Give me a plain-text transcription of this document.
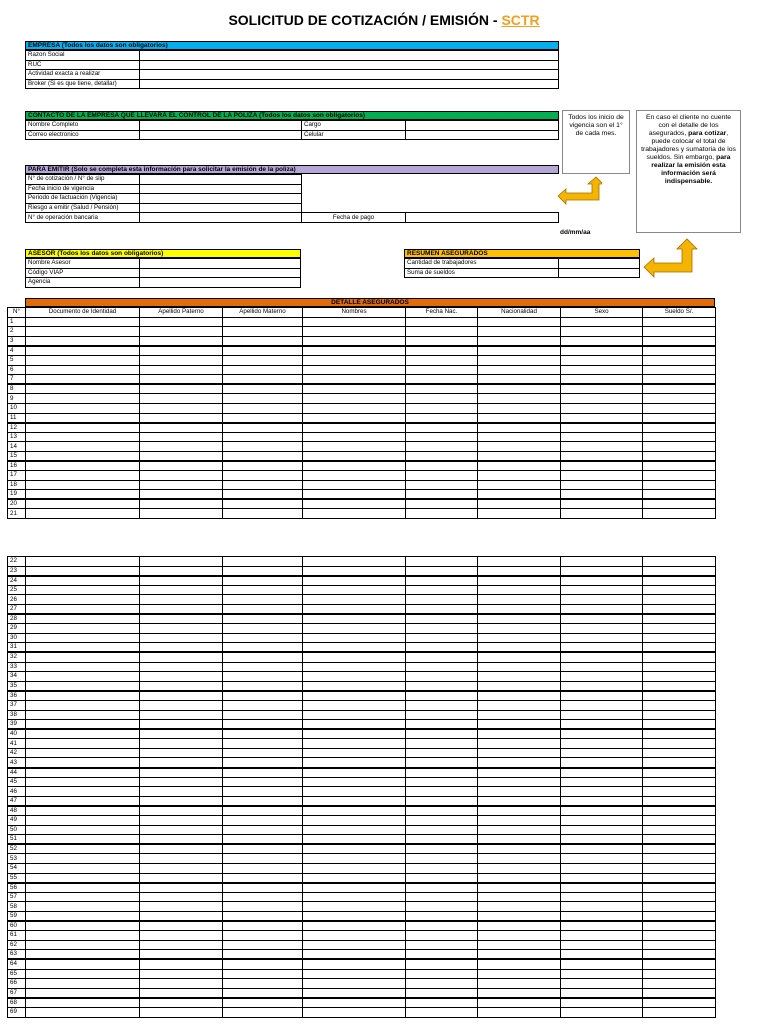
SOLICITUD DE COTIZACIÓN / EMISIÓN - SCTR
EMPRESA (Todos los datos son obligatorios)
Razon Social	
RUC	
Actividad exacta a realizar	
Broker (Si es que tiene, detallar)	
CONTACTO DE LA EMPRESA QUE LLEVARÁ EL CONTROL DE LA PÓLIZA (Todos los datos son obligatorios)
Nombre Completo		Cargo	
Correo electronico		Celular	
PARA EMITIR (Solo se completa esta información para solicitar la emisión de la poliza)
N° de cotización / N° de slip			
Fecha inicio de vigencia			
Periodo de factuación (Vigencia)			
Riesgo a emitir (Salud / Pensión)			
N° de operación bancaria		Fecha de pago	
dd/mm/aa
ASESOR (Todos los datos son obligatorios)
Nombre Asesor	
Código VIAP	
Agencia	
RESUMEN ASEGURADOS
Cantidad de trabajadores	
Suma de sueldos	
Todos los inicio de vigencia son el 1° de cada mes.
En caso el cliente no cuente con el detalle de los asegurados, para cotizar, puede colocar el total de trabajadores y sumatoria de los sueldos. Sin embargo, para realizar la emisión esta información será indispensable.
DETALLE ASEGURADOS
N°	Documento de Identidad	Apellido Paterno	Apellido Materno	Nombres	Fecha Nac.	Nacionalidad	Sexo	Sueldo S/.
1								
2								
3								
4								
5								
6								
7								
8								
9								
10								
11								
12								
13								
14								
15								
16								
17								
18								
19								
20								
21								
22								
23								
24								
25								
26								
27								
28								
29								
30								
31								
32								
33								
34								
35								
36								
37								
38								
39								
40								
41								
42								
43								
44								
45								
46								
47								
48								
49								
50								
51								
52								
53								
54								
55								
56								
57								
58								
59								
60								
61								
62								
63								
64								
65								
66								
67								
68								
69								
